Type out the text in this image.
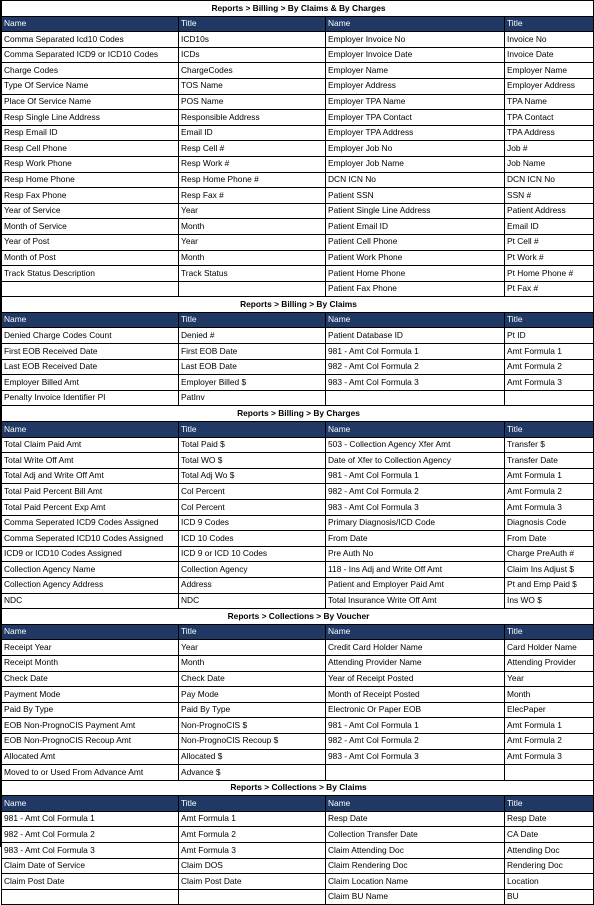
Reports > Billing > By Claims & By Charges			
Name	Title	Name	Title
Comma Separated Icd10 Codes	ICD10s	Employer Invoice No	Invoice No
Comma Separated ICD9 or ICD10 Codes	ICDs	Employer Invoice Date	Invoice Date
Charge Codes	ChargeCodes	Employer Name	Employer Name
Type Of Service Name	TOS Name	Employer Address	Employer Address
Place Of Service Name	POS Name	Employer TPA Name	TPA Name
Resp Single Line Address	Responsible Address	Employer TPA Contact	TPA Contact
Resp Email ID	Email ID	Employer TPA Address	TPA Address
Resp Cell Phone	Resp Cell #	Employer Job No	Job #
Resp Work Phone	Resp Work #	Employer Job Name	Job Name
Resp Home Phone	Resp Home Phone #	DCN ICN No	DCN ICN No
Resp Fax Phone	Resp Fax #	Patient SSN	SSN #
Year of Service	Year	Patient Single Line Address	Patient Address
Month of Service	Month	Patient Email ID	Email ID
Year of Post	Year	Patient Cell Phone	Pt Cell #
Month of Post	Month	Patient Work Phone	Pt Work #
Track Status Description	Track Status	Patient Home Phone	Pt Home Phone #
		Patient Fax Phone	Pt Fax #
Reports > Billing > By Claims			
Name	Title	Name	Title
Denied Charge Codes Count	Denied #	Patient Database ID	Pt ID
First EOB Received Date	First EOB Date	981 - Amt Col Formula 1	Amt Formula 1
Last EOB Received Date	Last EOB Date	982 - Amt Col Formula 2	Amt Formula 2
Employer Billed Amt	Employer Billed $	983 - Amt Col Formula 3	Amt Formula 3
Penalty Invoice Identifier PI	PatInv		
Reports > Billing > By Charges			
Name	Title	Name	Title
Total Claim Paid Amt	Total Paid $	503 - Collection Agency Xfer Amt	Transfer $
Total Write Off Amt	Total WO $	Date of Xfer to Collection Agency	Transfer Date
Total Adj and Write Off Amt	Total Adj Wo $	981 - Amt Col Formula 1	Amt Formula 1
Total Paid Percent Bill Amt	Col Percent	982 - Amt Col Formula 2	Amt Formula 2
Total Paid Percent Exp Amt	Col Percent	983 - Amt Col Formula 3	Amt Formula 3
Comma Seperated ICD9 Codes Assigned	ICD 9 Codes	Primary Diagnosis/ICD Code	Diagnosis Code
Comma Seperated ICD10 Codes Assigned	ICD 10 Codes	From Date	From Date
ICD9 or ICD10 Codes Assigned	ICD 9 or ICD 10 Codes	Pre Auth No	Charge PreAuth #
Collection Agency Name	Collection Agency	118 - Ins Adj and Write Off Amt	Claim Ins Adjust $
Collection Agency Address	Address	Patient and Employer Paid Amt	Pt and Emp Paid $
NDC	NDC	Total Insurance Write Off Amt	Ins WO $
Reports > Collections > By Voucher			
Name	Title	Name	Title
Receipt Year	Year	Credit Card Holder Name	Card Holder Name
Receipt Month	Month	Attending Provider Name	Attending Provider
Check Date	Check Date	Year of Receipt Posted	Year
Payment Mode	Pay Mode	Month of Receipt Posted	Month
Paid By Type	Paid By Type	Electronic Or Paper EOB	ElecPaper
EOB Non-PrognoCIS Payment Amt	Non-PrognoCIS $	981 - Amt Col Formula 1	Amt Formula 1
EOB Non-PrognoCIS Recoup Amt	Non-PrognoCIS Recoup $	982 - Amt Col Formula 2	Amt Formula 2
Allocated Amt	Allocated $	983 - Amt Col Formula 3	Amt Formula 3
Moved to or Used From Advance Amt	Advance $		
Reports > Collections > By Claims			
Name	Title	Name	Title
981 - Amt Col Formula 1	Amt Formula 1	Resp Date	Resp Date
982 - Amt Col Formula 2	Amt Formula 2	Collection Transfer Date	CA Date
983 - Amt Col Formula 3	Amt Formula 3	Claim Attending Doc	Attending Doc
Claim Date of Service	Claim DOS	Claim Rendering Doc	Rendering Doc
Claim Post Date	Claim Post Date	Claim Location Name	Location
		Claim BU Name	BU
